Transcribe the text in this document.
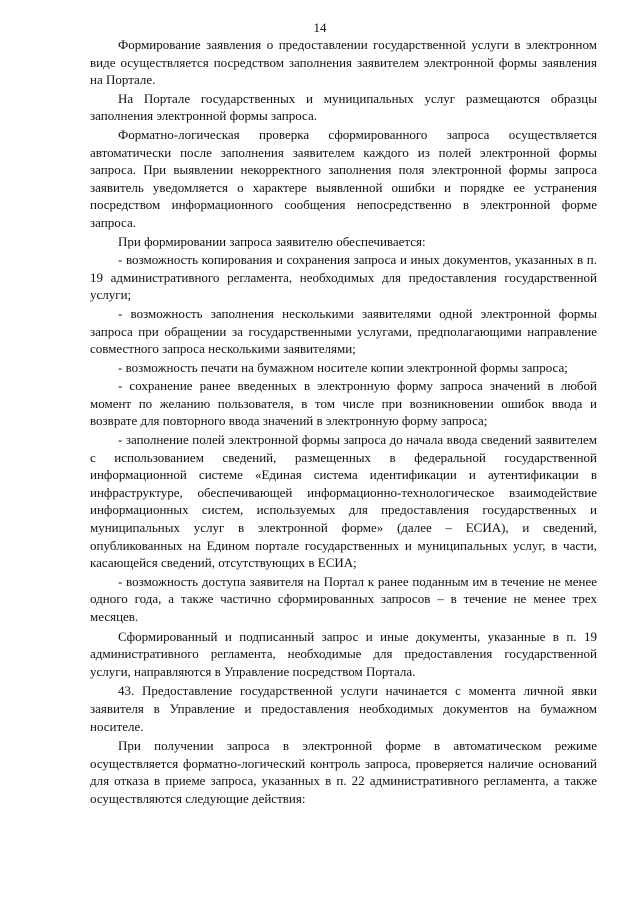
14

Формирование заявления о предоставлении государственной услуги в электронном виде осуществляется посредством заполнения заявителем электронной формы заявления на Портале.

На Портале государственных и муниципальных услуг размещаются образцы заполнения электронной формы запроса.

Форматно-логическая проверка сформированного запроса осуществляется автоматически после заполнения заявителем каждого из полей электронной формы запроса. При выявлении некорректного заполнения поля электронной формы запроса заявитель уведомляется о характере выявленной ошибки и порядке ее устранения посредством информационного сообщения непосредственно в электронной форме запроса.

При формировании запроса заявителю обеспечивается:

- возможность копирования и сохранения запроса и иных документов, указанных в п. 19 административного регламента, необходимых для предоставления государственной услуги;

- возможность заполнения несколькими заявителями одной электронной формы запроса при обращении за государственными услугами, предполагающими направление совместного запроса несколькими заявителями;

- возможность печати на бумажном носителе копии электронной формы запроса;

- сохранение ранее введенных в электронную форму запроса значений в любой момент по желанию пользователя, в том числе при возникновении ошибок ввода и возврате для повторного ввода значений в электронную форму запроса;

- заполнение полей электронной формы запроса до начала ввода сведений заявителем с использованием сведений, размещенных в федеральной государственной информационной системе «Единая система идентификации и аутентификации в инфраструктуре, обеспечивающей информационно-технологическое взаимодействие информационных систем, используемых для предоставления государственных и муниципальных услуг в электронной форме» (далее – ЕСИА), и сведений, опубликованных на Едином портале государственных и муниципальных услуг, в части, касающейся сведений, отсутствующих в ЕСИА;

- возможность доступа заявителя на Портал к ранее поданным им в течение не менее одного года, а также частично сформированных запросов – в течение не менее трех месяцев.

Сформированный и подписанный запрос и иные документы, указанные в п. 19 административного регламента, необходимые для предоставления государственной услуги, направляются в Управление посредством Портала.

43. Предоставление государственной услуги начинается с момента личной явки заявителя в Управление и предоставления необходимых документов на бумажном носителе.

При получении запроса в электронной форме в автоматическом режиме осуществляется форматно-логический контроль запроса, проверяется наличие оснований для отказа в приеме запроса, указанных в п. 22 административного регламента, а также осуществляются следующие действия:
